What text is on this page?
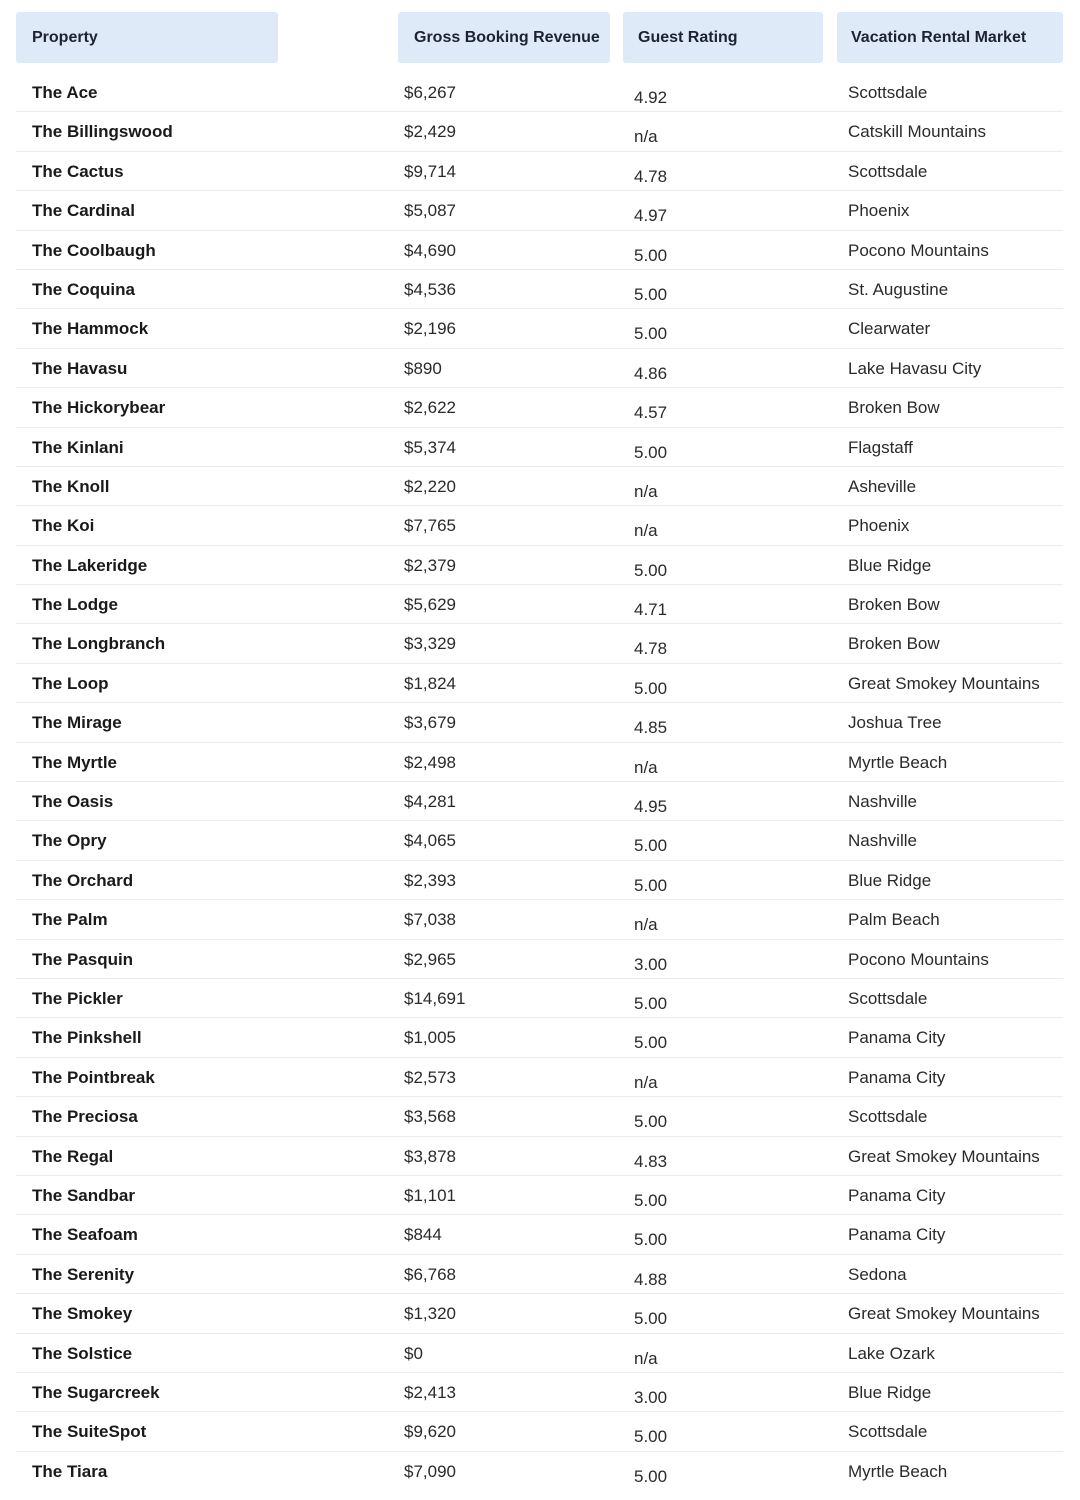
Property	Gross Booking Revenue	Guest Rating	Vacation Rental Market
The Ace	$6,267	4.92	Scottsdale
The Billingswood	$2,429	n/a	Catskill Mountains
The Cactus	$9,714	4.78	Scottsdale
The Cardinal	$5,087	4.97	Phoenix
The Coolbaugh	$4,690	5.00	Pocono Mountains
The Coquina	$4,536	5.00	St. Augustine
The Hammock	$2,196	5.00	Clearwater
The Havasu	$890	4.86	Lake Havasu City
The Hickorybear	$2,622	4.57	Broken Bow
The Kinlani	$5,374	5.00	Flagstaff
The Knoll	$2,220	n/a	Asheville
The Koi	$7,765	n/a	Phoenix
The Lakeridge	$2,379	5.00	Blue Ridge
The Lodge	$5,629	4.71	Broken Bow
The Longbranch	$3,329	4.78	Broken Bow
The Loop	$1,824	5.00	Great Smokey Mountains
The Mirage	$3,679	4.85	Joshua Tree
The Myrtle	$2,498	n/a	Myrtle Beach
The Oasis	$4,281	4.95	Nashville
The Opry	$4,065	5.00	Nashville
The Orchard	$2,393	5.00	Blue Ridge
The Palm	$7,038	n/a	Palm Beach
The Pasquin	$2,965	3.00	Pocono Mountains
The Pickler	$14,691	5.00	Scottsdale
The Pinkshell	$1,005	5.00	Panama City
The Pointbreak	$2,573	n/a	Panama City
The Preciosa	$3,568	5.00	Scottsdale
The Regal	$3,878	4.83	Great Smokey Mountains
The Sandbar	$1,101	5.00	Panama City
The Seafoam	$844	5.00	Panama City
The Serenity	$6,768	4.88	Sedona
The Smokey	$1,320	5.00	Great Smokey Mountains
The Solstice	$0	n/a	Lake Ozark
The Sugarcreek	$2,413	3.00	Blue Ridge
The SuiteSpot	$9,620	5.00	Scottsdale
The Tiara	$7,090	5.00	Myrtle Beach
